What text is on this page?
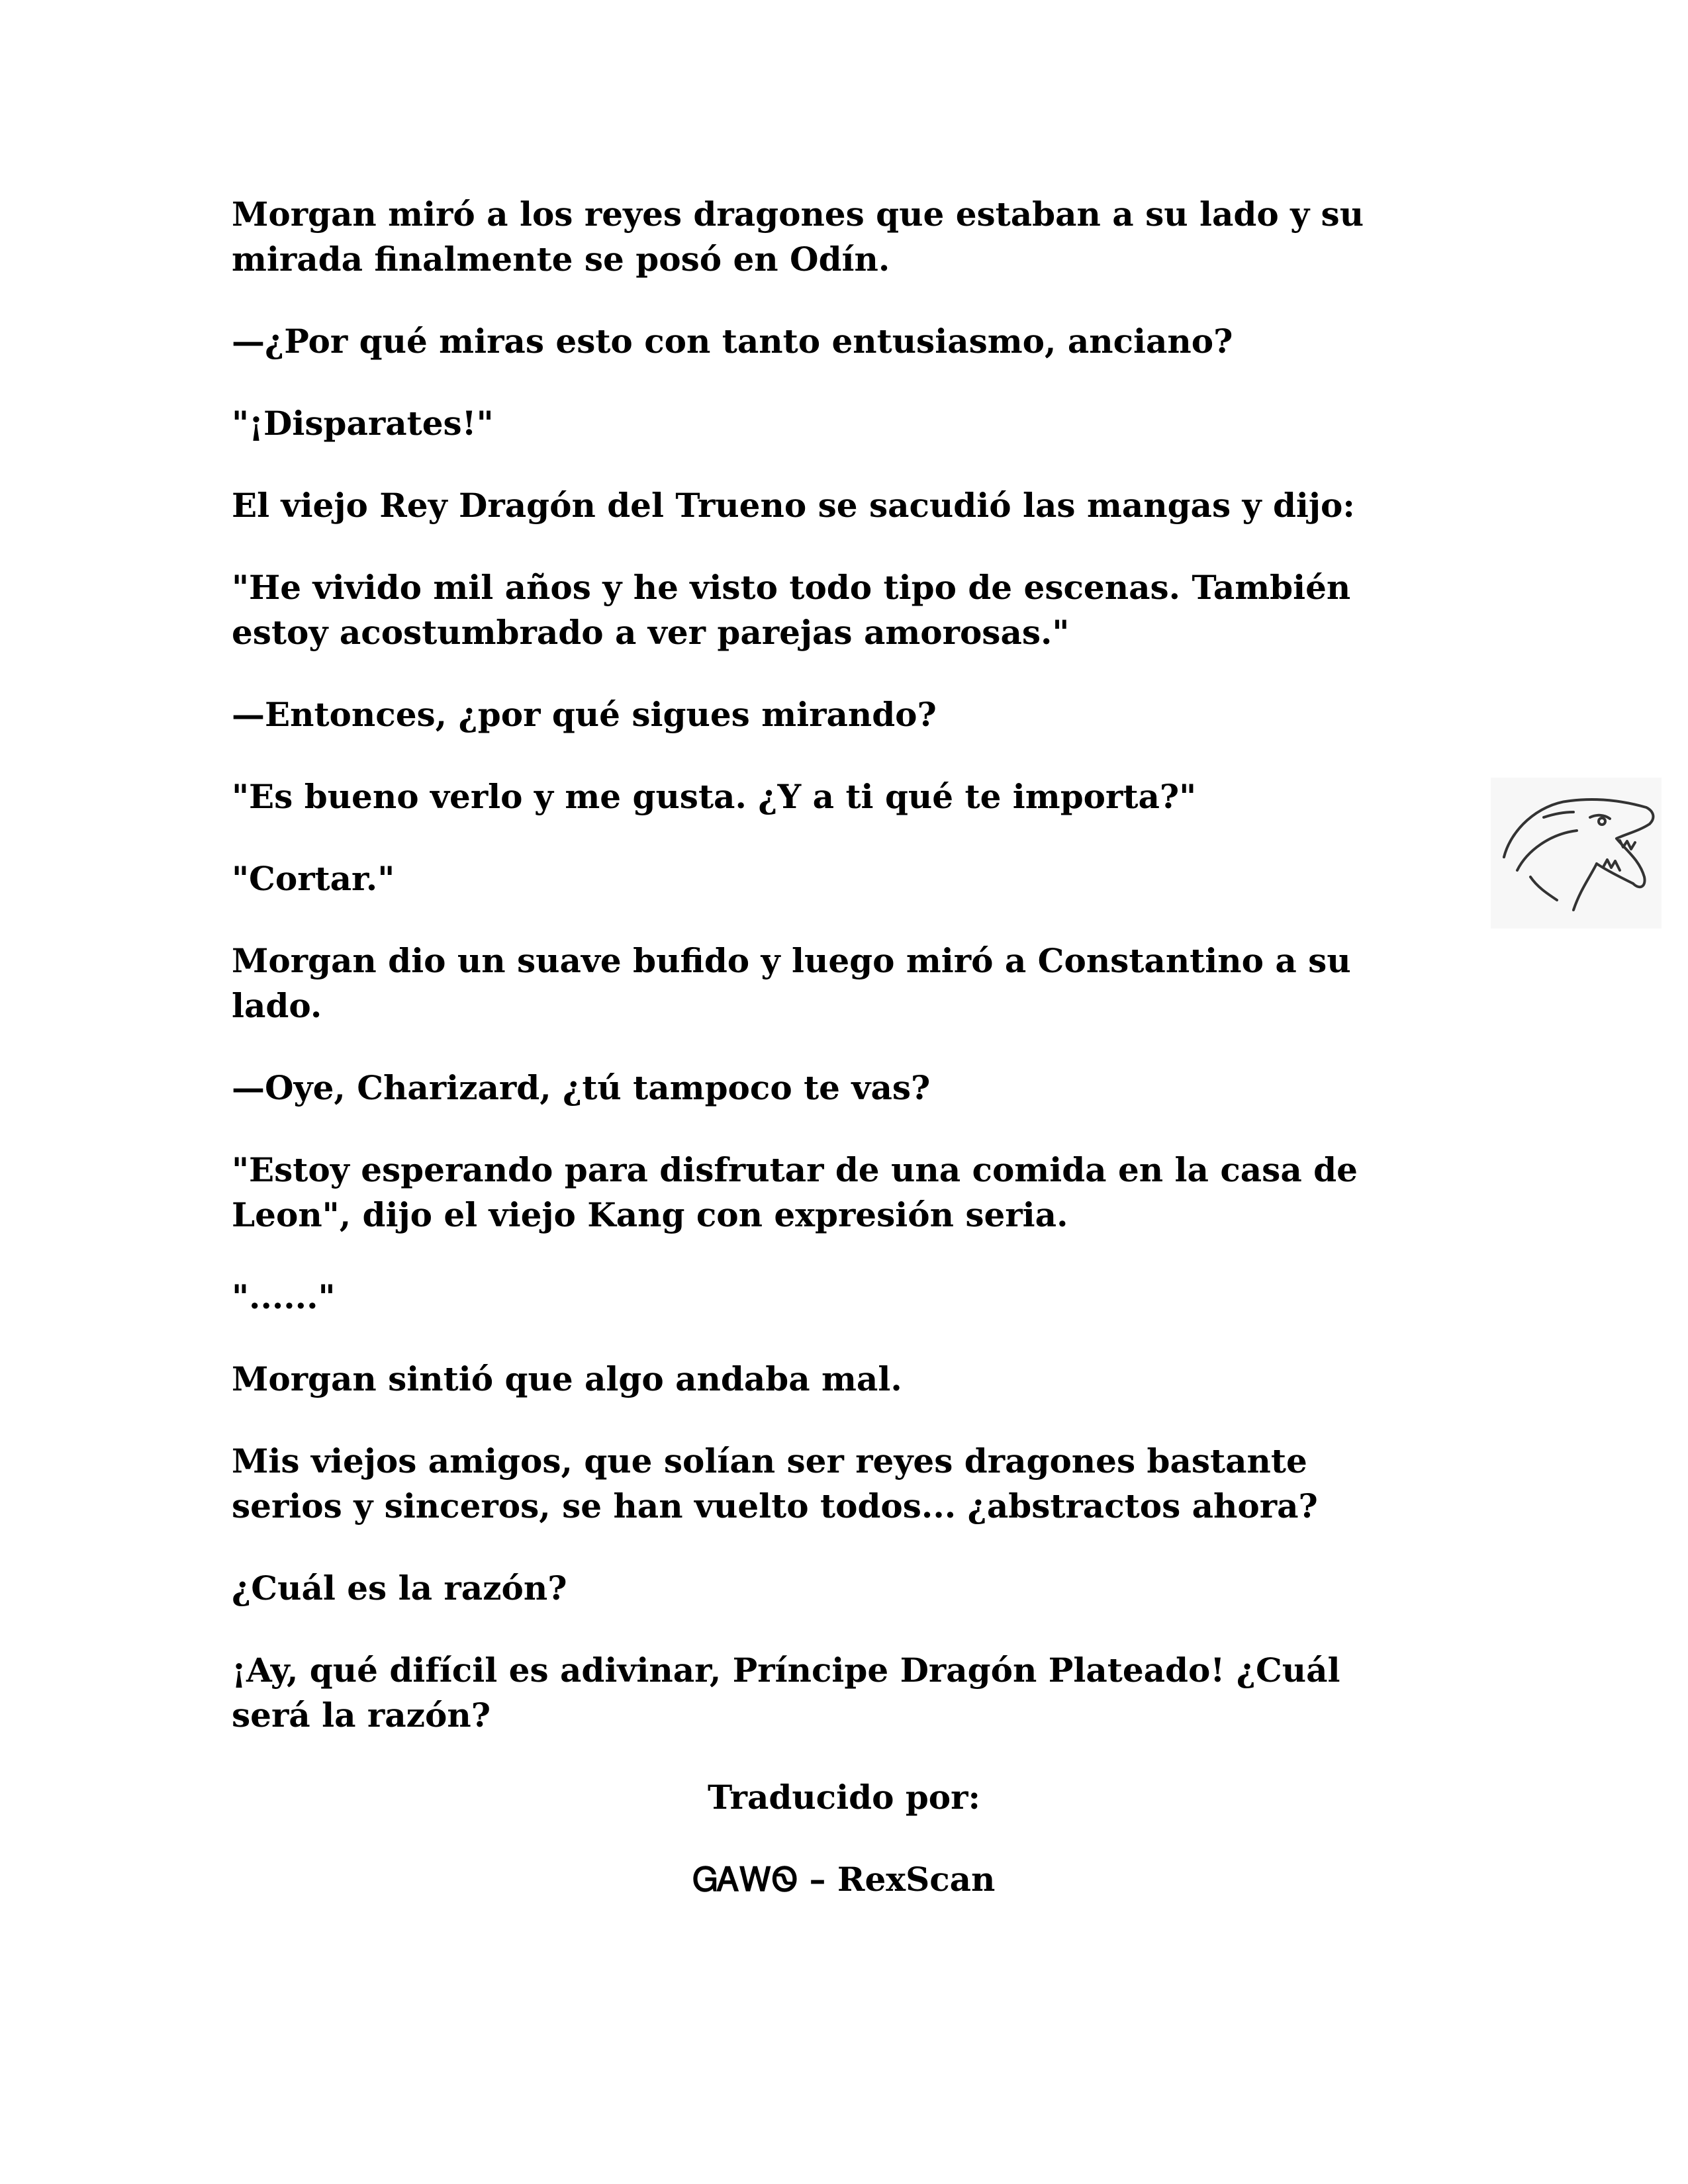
Morgan miró a los reyes dragones que estaban a su lado y su mirada finalmente se posó en Odín.

—¿Por qué miras esto con tanto entusiasmo, anciano?

"¡Disparates!"

El viejo Rey Dragón del Trueno se sacudió las mangas y dijo:

"He vivido mil años y he visto todo tipo de escenas. También estoy acostumbrado a ver parejas amorosas."

—Entonces, ¿por qué sigues mirando?

"Es bueno verlo y me gusta. ¿Y a ti qué te importa?"

"Cortar."

Morgan dio un suave bufido y luego miró a Constantino a su lado.

—Oye, Charizard, ¿tú tampoco te vas?

"Estoy esperando para disfrutar de una comida en la casa de Leon", dijo el viejo Kang con expresión seria.

"......"

Morgan sintió que algo andaba mal.

Mis viejos amigos, que solían ser reyes dragones bastante serios y sinceros, se han vuelto todos... ¿abstractos ahora?

¿Cuál es la razón?

¡Ay, qué difícil es adivinar, Príncipe Dragón Plateado! ¿Cuál será la razón?

Traducido por:
ᏀᎪᎳᏫ – RexScan
